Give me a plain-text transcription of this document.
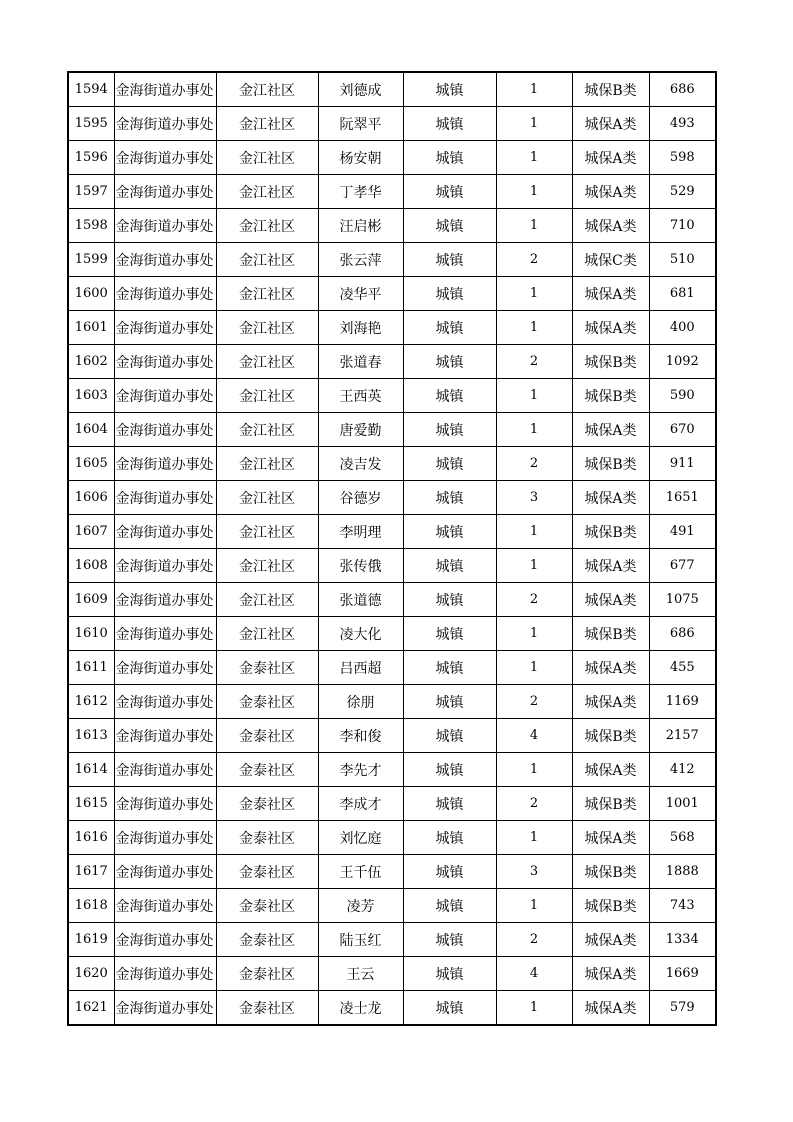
1594	金海街道办事处	金江社区	刘德成	城镇	1	城保B类	686
1595	金海街道办事处	金江社区	阮翠平	城镇	1	城保A类	493
1596	金海街道办事处	金江社区	杨安朝	城镇	1	城保A类	598
1597	金海街道办事处	金江社区	丁孝华	城镇	1	城保A类	529
1598	金海街道办事处	金江社区	汪启彬	城镇	1	城保A类	710
1599	金海街道办事处	金江社区	张云萍	城镇	2	城保C类	510
1600	金海街道办事处	金江社区	凌华平	城镇	1	城保A类	681
1601	金海街道办事处	金江社区	刘海艳	城镇	1	城保A类	400
1602	金海街道办事处	金江社区	张道春	城镇	2	城保B类	1092
1603	金海街道办事处	金江社区	王西英	城镇	1	城保B类	590
1604	金海街道办事处	金江社区	唐爱勤	城镇	1	城保A类	670
1605	金海街道办事处	金江社区	凌吉发	城镇	2	城保B类	911
1606	金海街道办事处	金江社区	谷德岁	城镇	3	城保A类	1651
1607	金海街道办事处	金江社区	李明理	城镇	1	城保B类	491
1608	金海街道办事处	金江社区	张传俄	城镇	1	城保A类	677
1609	金海街道办事处	金江社区	张道德	城镇	2	城保A类	1075
1610	金海街道办事处	金江社区	凌大化	城镇	1	城保B类	686
1611	金海街道办事处	金泰社区	吕西超	城镇	1	城保A类	455
1612	金海街道办事处	金泰社区	徐朋	城镇	2	城保A类	1169
1613	金海街道办事处	金泰社区	李和俊	城镇	4	城保B类	2157
1614	金海街道办事处	金泰社区	李先才	城镇	1	城保A类	412
1615	金海街道办事处	金泰社区	李成才	城镇	2	城保B类	1001
1616	金海街道办事处	金泰社区	刘忆庭	城镇	1	城保A类	568
1617	金海街道办事处	金泰社区	王千伍	城镇	3	城保B类	1888
1618	金海街道办事处	金泰社区	凌芳	城镇	1	城保B类	743
1619	金海街道办事处	金泰社区	陆玉红	城镇	2	城保A类	1334
1620	金海街道办事处	金泰社区	王云	城镇	4	城保A类	1669
1621	金海街道办事处	金泰社区	凌士龙	城镇	1	城保A类	579
